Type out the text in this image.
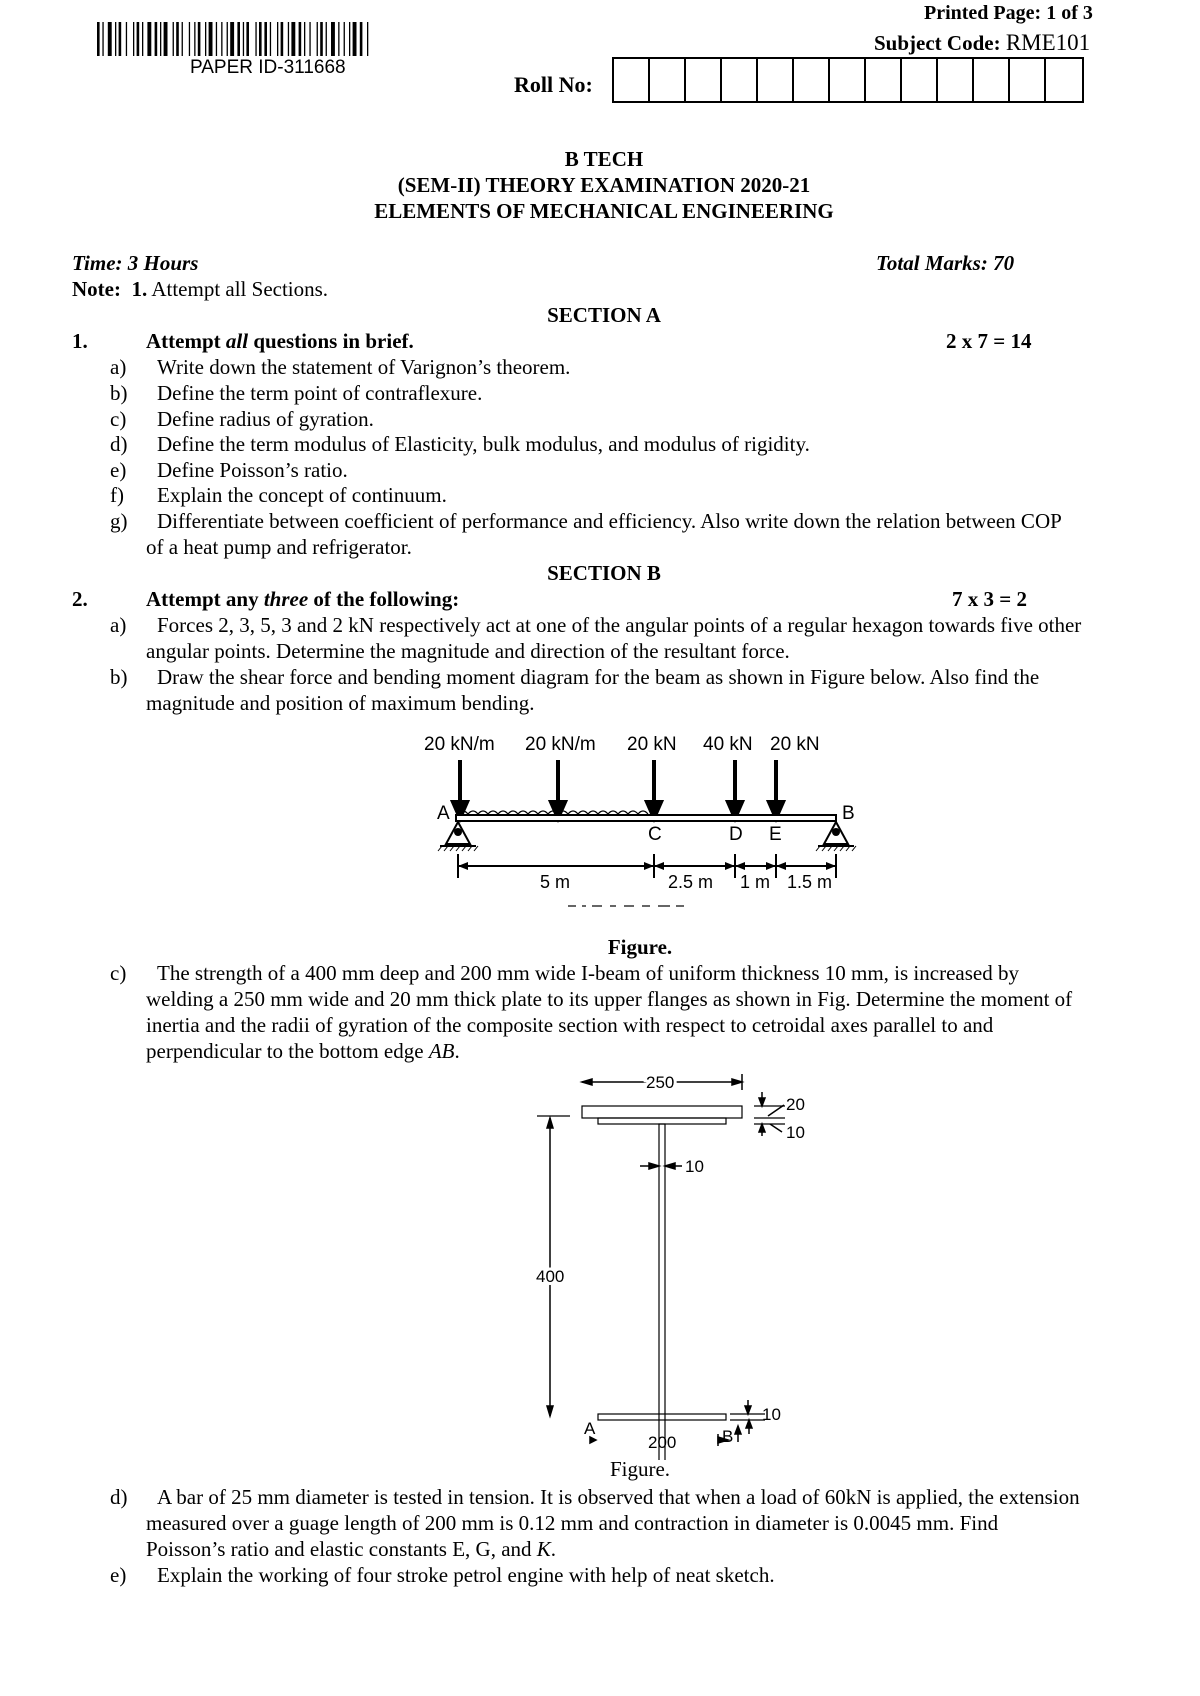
PAPER ID-311668
Printed Page: 1 of 3
Subject Code: RME101
Roll No:
B TECH
(SEM-II) THEORY EXAMINATION 2020-21
ELEMENTS OF MECHANICAL ENGINEERING
Time: 3 Hours	Total Marks: 70
Note: 1. Attempt all Sections.
SECTION A
1.	Attempt all questions in brief.	2 x 7 = 14
a) Write down the statement of Varignon’s theorem.
b) Define the term point of contraflexure.
c) Define radius of gyration.
d) Define the term modulus of Elasticity, bulk modulus, and modulus of rigidity.
e) Define Poisson’s ratio.
f) Explain the concept of continuum.
g)	Differentiate between coefficient of performance and efficiency. Also write down the relation between COP
of a heat pump and refrigerator.
SECTION B
2.	Attempt any three of the following:	7 x 3 = 2
a)	Forces 2, 3, 5, 3 and 2 kN respectively act at one of the angular points of a regular hexagon towards five other
angular points. Determine the magnitude and direction of the resultant force.
b)	Draw the shear force and bending moment diagram for the beam as shown in Figure below. Also find the
magnitude and position of maximum bending.
20 kN/m 20 kN/m 20 kN 40 kN 20 kN
A	B
C	D E
5 m	2.5 m 1 m 1.5 m
Figure.
c) The strength of a 400 mm deep and 200 mm wide I-beam of uniform thickness 10 mm, is increased by
welding a 250 mm wide and 20 mm thick plate to its upper flanges as shown in Fig. Determine the moment of
inertia and the radii of gyration of the composite section with respect to cetroidal axes parallel to and
perpendicular to the bottom edge AB.
250
20
10
10
400
10
200
A	B
Figure.
d) A bar of 25 mm diameter is tested in tension. It is observed that when a load of 60kN is applied, the extension
measured over a guage length of 200 mm is 0.12 mm and contraction in diameter is 0.0045 mm. Find
Poisson’s ratio and elastic constants E, G, and K.
e) Explain the working of four stroke petrol engine with help of neat sketch.
